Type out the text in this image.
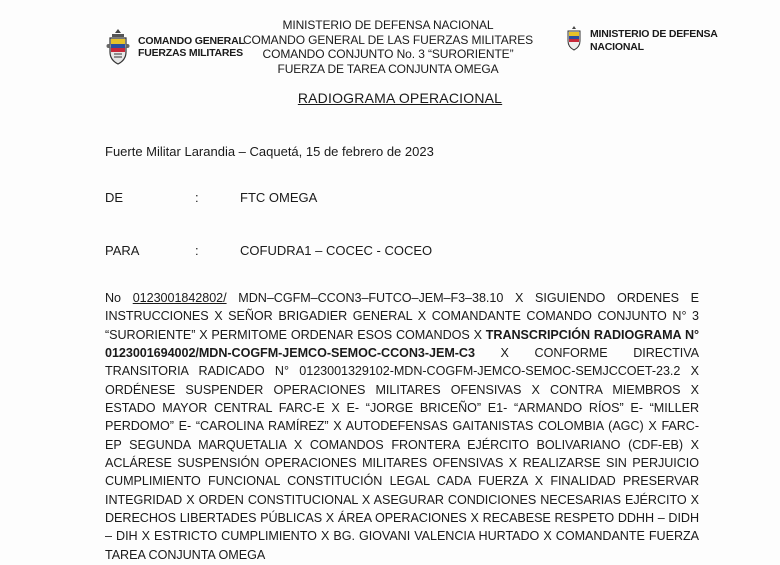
COMANDO GENERAL
FUERZAS MILITARES
MINISTERIO DE DEFENSA NACIONAL
COMANDO GENERAL DE LAS FUERZAS MILITARES
COMANDO CONJUNTO No. 3 “SURORIENTE”
FUERZA DE TAREA CONJUNTA OMEGA
MINISTERIO DE DEFENSA
NACIONAL
RADIOGRAMA OPERACIONAL
Fuerte Militar Larandia – Caquetá, 15 de febrero de 2023
DE	:	FTC OMEGA
PARA	:	COFUDRA1 – COCEC - COCEO
No 0123001842802/ MDN–CGFM–CCON3–FUTCO–JEM–F3–38.10 X SIGUIENDO ORDENES E INSTRUCCIONES X SEÑOR BRIGADIER GENERAL X COMANDANTE COMANDO CONJUNTO N° 3 “SURORIENTE” X PERMITOME ORDENAR ESOS COMANDOS X TRANSCRIPCIÓN RADIOGRAMA N° 0123001694002/MDN-COGFM-JEMCO-SEMOC-CCON3-JEM-C3 X CONFORME DIRECTIVA TRANSITORIA RADICADO N° 0123001329102-MDN-COGFM-JEMCO-SEMOC-SEMJCCOET-23.2 X ORDÉNESE SUSPENDER OPERACIONES MILITARES OFENSIVAS X CONTRA MIEMBROS X ESTADO MAYOR CENTRAL FARC-E X E- “JORGE BRICEÑO” E1- “ARMANDO RÍOS” E- “MILLER PERDOMO” E- “CAROLINA RAMÍREZ” X AUTODEFENSAS GAITANISTAS COLOMBIA (AGC) X FARC-EP SEGUNDA MARQUETALIA X COMANDOS FRONTERA EJÉRCITO BOLIVARIANO (CDF-EB) X ACLÁRESE SUSPENSIÓN OPERACIONES MILITARES OFENSIVAS X REALIZARSE SIN PERJUICIO CUMPLIMIENTO FUNCIONAL CONSTITUCIÓN LEGAL CADA FUERZA X FINALIDAD PRESERVAR INTEGRIDAD X ORDEN CONSTITUCIONAL X ASEGURAR CONDICIONES NECESARIAS EJÉRCITO X DERECHOS LIBERTADES PÚBLICAS X ÁREA OPERACIONES X RECABESE RESPETO DDHH – DIDH – DIH X ESTRICTO CUMPLIMIENTO X BG. GIOVANI VALENCIA HURTADO X COMANDANTE FUERZA TAREA CONJUNTA OMEGA
